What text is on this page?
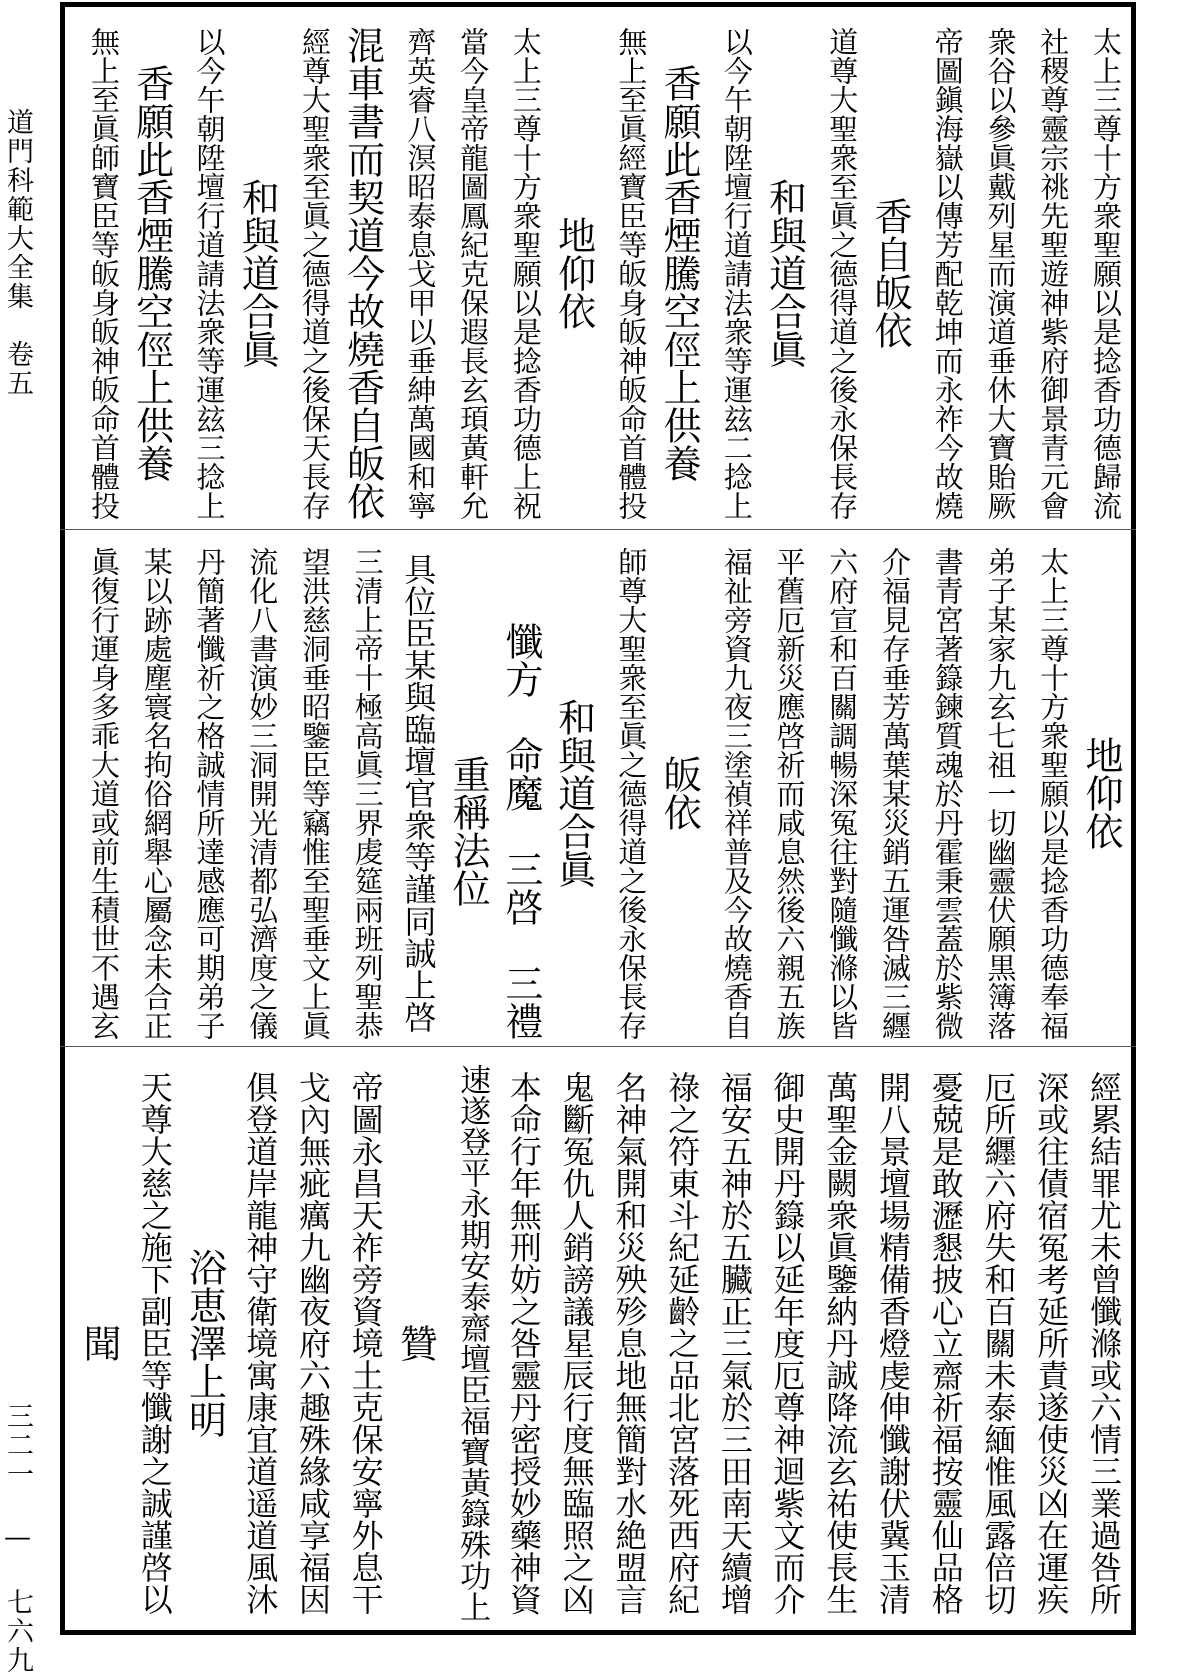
道門科範大全集　卷五
三二一 — 七六九
太上三尊十方衆聖願以是捻香功德歸流
社稷尊靈宗祧先聖遊神紫府御景青元會
衆谷以參眞戴列星而演道垂休大寶貽厥
帝圖鎭海嶽以傳芳配乾坤而永祚今故燒
香自皈依
道尊大聖衆至眞之德得道之後永保長存
和與道合眞
以今午朝陞壇行道請法衆等運玆二捻上
香願此香煙騰空俓上供養
無上至眞經寶臣等皈身皈神皈命首體投
地仰依
太上三尊十方衆聖願以是捻香功德上祝
當今皇帝龍圖鳳紀克保遐長玄頊黃軒允
齊英睿八溟昭泰息戈甲以垂紳萬國和寧
混車書而契道今故燒香自皈依
經尊大聖衆至眞之德得道之後保天長存
和與道合眞
以今午朝陞壇行道請法衆等運玆三捻上
香願此香煙騰空俓上供養
無上至眞師寶臣等皈身皈神皈命首體投
地仰依
太上三尊十方衆聖願以是捻香功德奉福
弟子某家九玄七祖一切幽靈伏願黒簿落
書青宮著籙鍊質魂於丹霍秉雲蓋於紫微
介福見存垂芳萬葉某災銷五運咎滅三纒
六府宣和百關調暢深冤往對隨懺滌以皆
平舊厄新災應啓祈而咸息然後六親五族
福祉旁資九夜三塗禎祥普及今故燒香自
皈依
師尊大聖衆至眞之德得道之後永保長存
和與道合眞
　　懺方　命魔　三啓　三禮
　　重稱法位
具位臣某與臨壇官衆等謹同誠上啓
三清上帝十極高眞三界䖍筵兩班列聖恭
望洪慈洞垂昭鑒臣等竊惟至聖垂文上眞
流化八書演妙三洞開光清都弘濟度之儀
丹簡著懺祈之格誠情所達感應可期弟子
某以跡處塵寰名拘俗網舉心屬念未合正
眞復行運身多乖大道或前生積世不遇玄
經累結罪尤未曾懺滌或六情三業過咎所
深或往債宿冤考延所責遂使災凶在運疾
厄所纒六府失和百關未泰緬惟風露倍切
憂兢是敢瀝懇披心立齋祈福按靈仙品格
開八景壇場精備香燈虔伸懺謝伏冀玉清
萬聖金闕衆眞鑒納丹誠降流玄祐使長生
御史開丹籙以延年度厄尊神迴紫文而介
福安五神於五臟正三氣於三田南天續增
祿之符東斗紀延齡之品北宮落死西府紀
名神氣開和災殃殄息地無簡對水絶盟言
鬼斷冤仇人銷謗議星辰行度無臨照之凶
本命行年無刑妨之咎靈丹密授妙藥神資
速遂登平永期安泰齋壇臣福寶黃籙殊功上
贊
帝圖永昌天祚旁資境土克保安寧外息干
戈內無疵癘九幽夜府六趣殊緣咸享福因
俱登道岸龍神守衛境寓康宜道遥道風沐
浴恵澤上明
天尊大慈之施下副臣等懺謝之誠謹啓以
聞
